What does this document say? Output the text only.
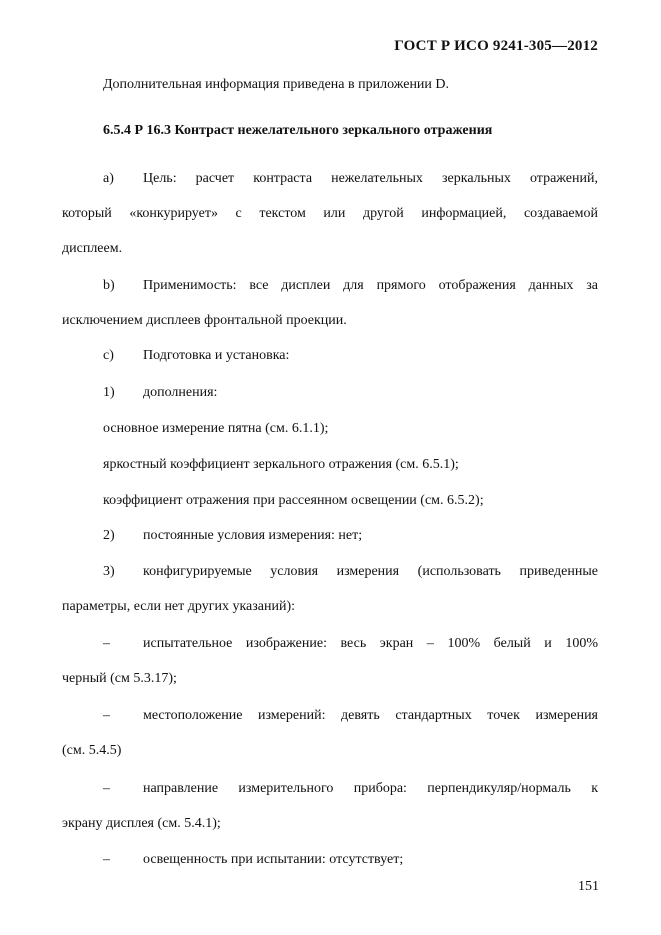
ГОСТ Р ИСО 9241-305—2012
Дополнительная информация приведена в приложении D.
6.5.4 Р 16.3 Контраст нежелательного зеркального отражения
а) Цель: расчет контраста нежелательных зеркальных отражений,
который «конкурирует» с текстом или другой информацией, создаваемой
дисплеем.
b) Применимость: все дисплеи для прямого отображения данных за
исключением дисплеев фронтальной проекции.
с) Подготовка и установка:
1) дополнения:
основное измерение пятна (см. 6.1.1);
яркостный коэффициент зеркального отражения (см. 6.5.1);
коэффициент отражения при рассеянном освещении (см. 6.5.2);
2) постоянные условия измерения: нет;
3) конфигурируемые условия измерения (использовать приведенные
параметры, если нет других указаний):
– испытательное изображение: весь экран – 100% белый и 100%
черный (см 5.3.17);
– местоположение измерений: девять стандартных точек измерения
(см. 5.4.5)
– направление измерительного прибора: перпендикуляр/нормаль к
экрану дисплея (см. 5.4.1);
– освещенность при испытании: отсутствует;
151
